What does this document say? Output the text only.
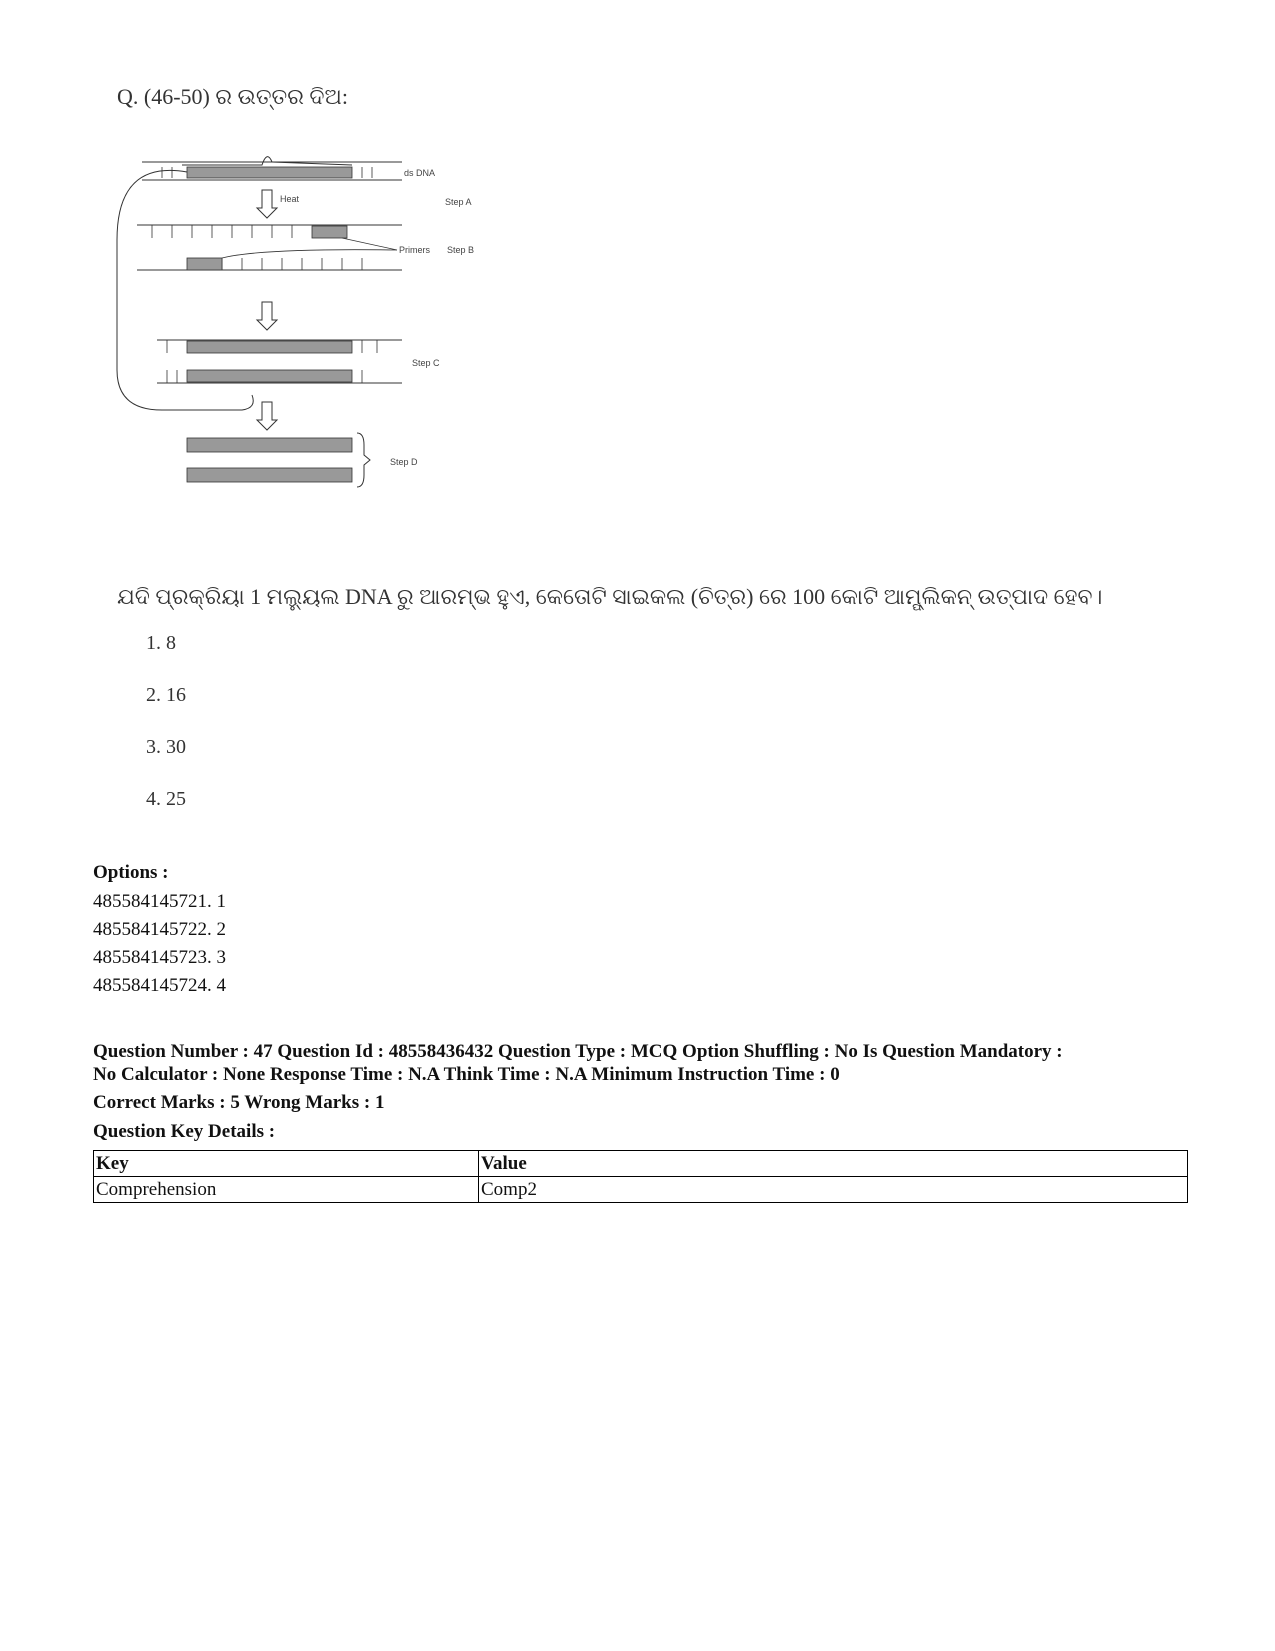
Q. (46-50) ର ଉତ୍ତର ଦିଅ:
ds DNA
Heat	Step A
Primers Step B
Step C
Step D
ଯଦି ପ୍ରକ୍ରିୟା 1 ମଲ୍ୟୁଲ DNA ରୁ ଆରମ୍ଭ ହୁଏ, କେତୋଟି ସାଇକଲ (ଚିତ୍ର) ରେ 100 କୋଟି ଆମ୍ପ୍ଲିକନ୍ ଉତ୍ପାଦ ହେବ।
1. 8
2. 16
3. 30
4. 25
Options :
485584145721. 1
485584145722. 2
485584145723. 3
485584145724. 4
Question Number : 47 Question Id : 48558436432 Question Type : MCQ Option Shuffling : No Is Question Mandatory :
No Calculator : None Response Time : N.A Think Time : N.A Minimum Instruction Time : 0
Correct Marks : 5 Wrong Marks : 1
Question Key Details :
Key	Value
Comprehension	Comp2
